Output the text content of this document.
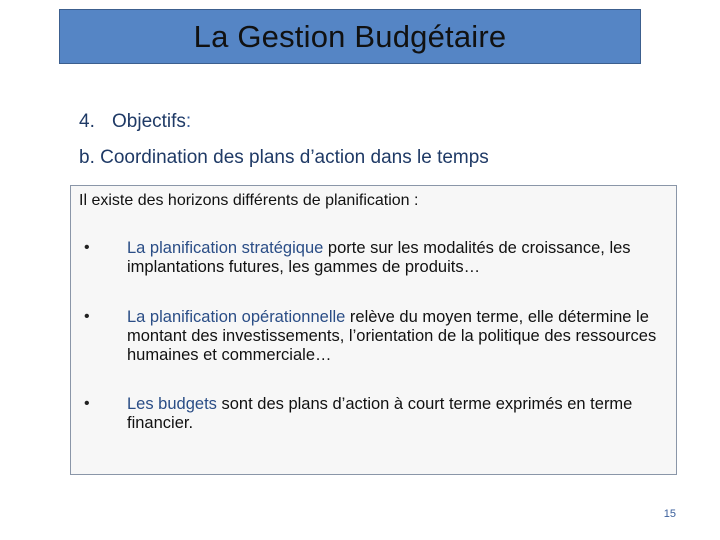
La Gestion Budgétaire
4. Objectifs:
b. Coordination des plans d’action dans le temps
Il existe des horizons différents de planification :
• La planification stratégique porte sur les modalités de croissance, les implantations futures, les gammes de produits…
• La planification opérationnelle relève du moyen terme, elle détermine le montant des investissements, l’orientation de la politique des ressources humaines et commerciale…
• Les budgets sont des plans d’action à court terme exprimés en terme financier.
15
